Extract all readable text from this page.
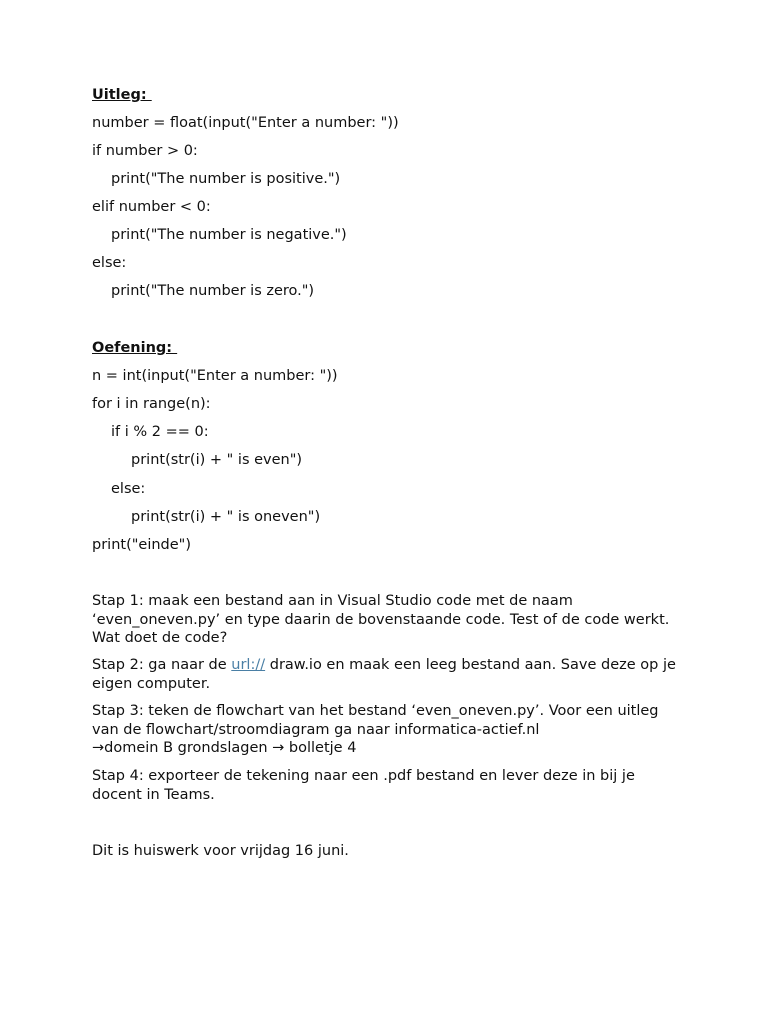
Uitleg:
number = float(input("Enter a number: "))
if number > 0:
print("The number is positive.")
elif number < 0:
print("The number is negative.")
else:
print("The number is zero.")
Oefening:
n = int(input("Enter a number: "))
for i in range(n):
if i % 2 == 0:
print(str(i) + " is even")
else:
print(str(i) + " is oneven")
print("einde")
Stap 1: maak een bestand aan in Visual Studio code met de naam ‘even_oneven.py’ en type daarin de bovenstaande code. Test of de code werkt. Wat doet de code?
Stap 2: ga naar de url:// draw.io en maak een leeg bestand aan. Save deze op je eigen computer.
Stap 3: teken de flowchart van het bestand ‘even_oneven.py’. Voor een uitleg van de flowchart/stroomdiagram ga naar informatica-actief.nl
→domein B grondslagen → bolletje 4
Stap 4: exporteer de tekening naar een .pdf bestand en lever deze in bij je docent in Teams.
Dit is huiswerk voor vrijdag 16 juni.
